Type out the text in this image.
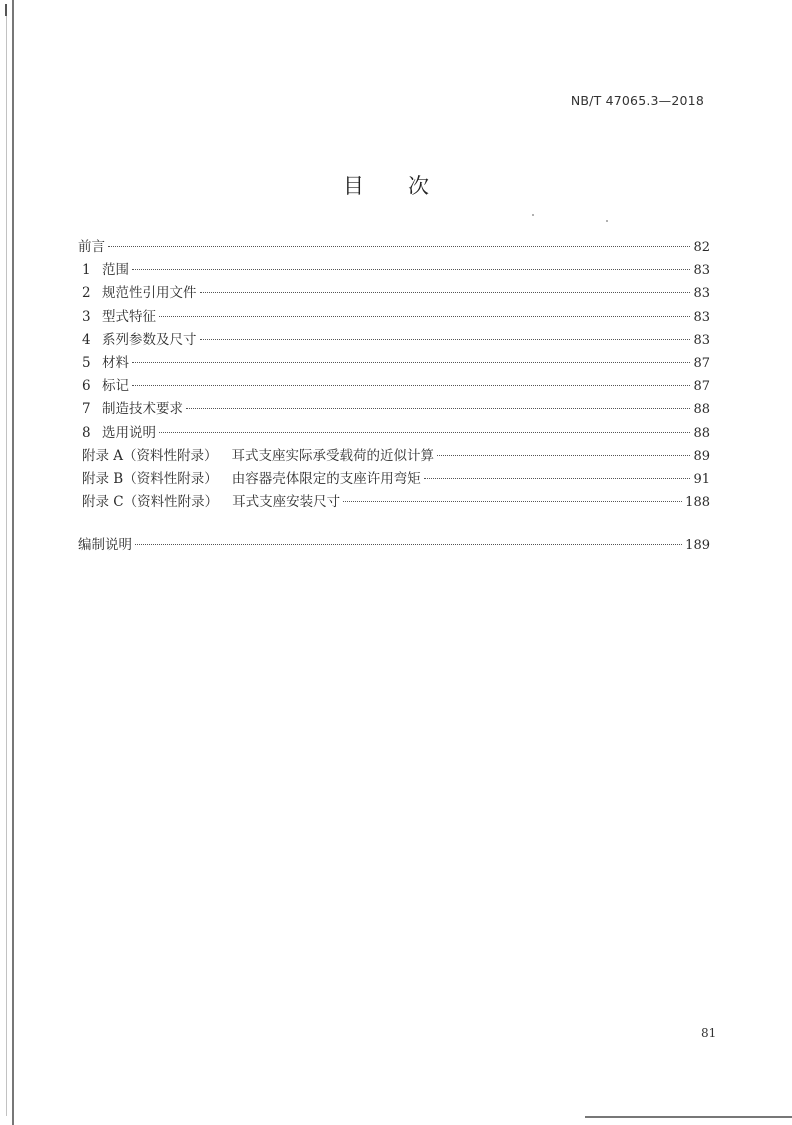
NB/T 47065.3—2018
目次
前言	82
1 范围	83
2 规范性引用文件	83
3 型式特征	83
4 系列参数及尺寸	83
5 材料	87
6 标记	87
7 制造技术要求	88
8 选用说明	88
附录 A（资料性附录）	耳式支座实际承受载荷的近似计算	89
附录 B（资料性附录）	由容器壳体限定的支座许用弯矩	91
附录 C（资料性附录）	耳式支座安装尺寸	188
编制说明	189
81
